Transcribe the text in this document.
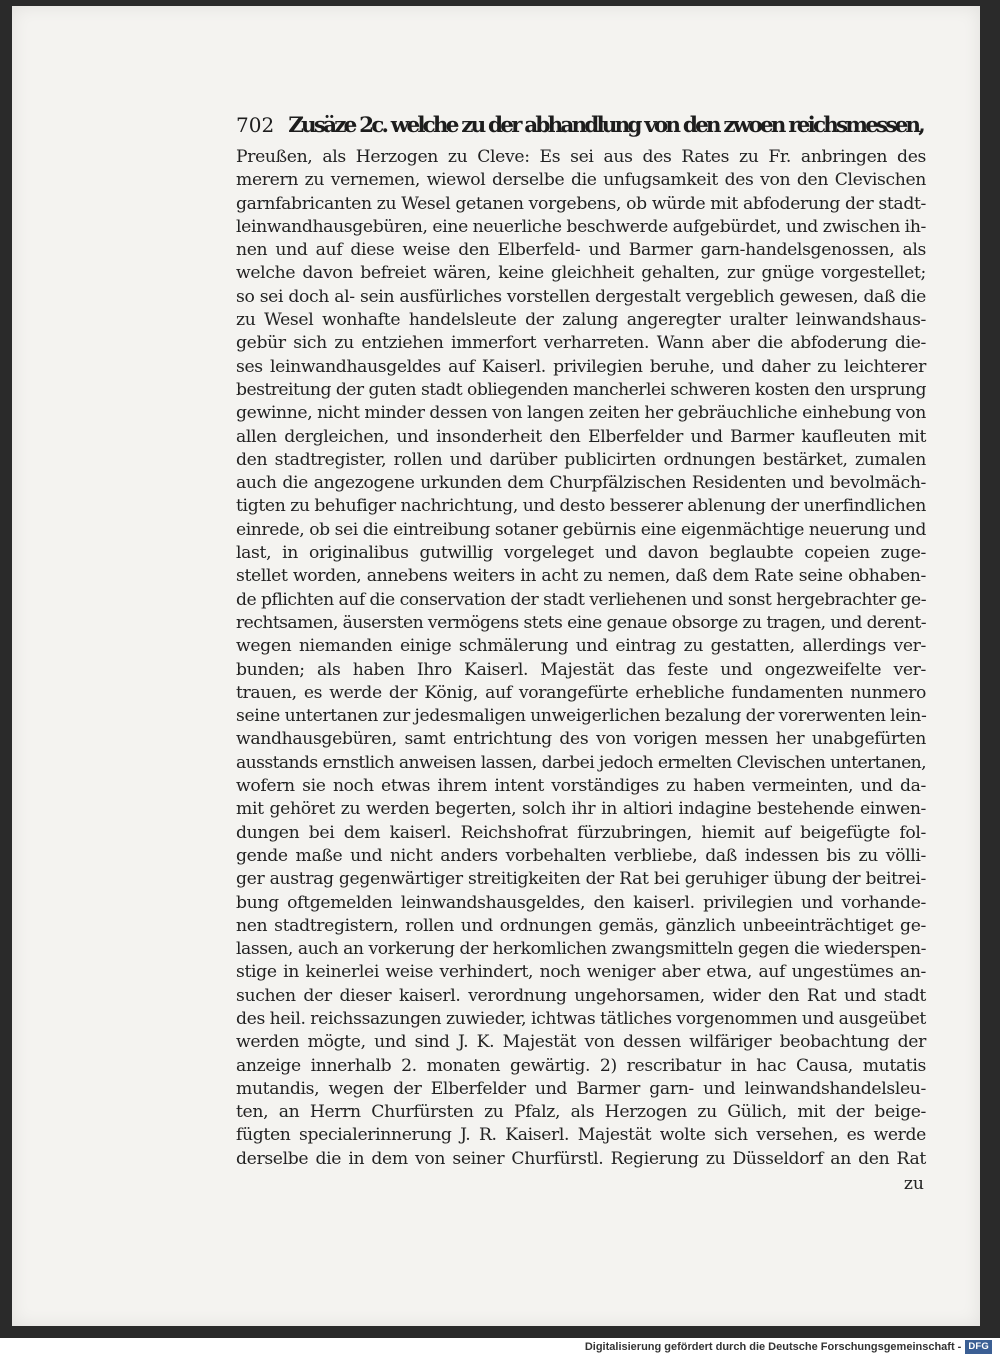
702 Zusäze 2c. welche zu der abhandlung von den zwoen reichsmessen,
Preußen, als Herzogen zu Cleve: Es sei aus des Rates zu Fr. anbringen des
merern zu vernemen, wiewol derselbe die unfugsamkeit des von den Clevischen
garnfabricanten zu Wesel getanen vorgebens, ob würde mit abfoderung der stadt-
leinwandhausgebüren, eine neuerliche beschwerde aufgebürdet, und zwischen ih-
nen und auf diese weise den Elberfeld- und Barmer garn-handelsgenossen, als
welche davon befreiet wären, keine gleichheit gehalten, zur gnüge vorgestellet;
so sei doch al- sein ausfürliches vorstellen dergestalt vergeblich gewesen, daß die
zu Wesel wonhafte handelsleute der zalung angeregter uralter leinwandshaus-
gebür sich zu entziehen immerfort verharreten. Wann aber die abfoderung die-
ses leinwandhausgeldes auf Kaiserl. privilegien beruhe, und daher zu leichterer
bestreitung der guten stadt obliegenden mancherlei schweren kosten den ursprung
gewinne, nicht minder dessen von langen zeiten her gebräuchliche einhebung von
allen dergleichen, und insonderheit den Elberfelder und Barmer kaufleuten mit
den stadtregister, rollen und darüber publicirten ordnungen bestärket, zumalen
auch die angezogene urkunden dem Churpfälzischen Residenten und bevolmäch-
tigten zu behufiger nachrichtung, und desto besserer ablenung der unerfindlichen
einrede, ob sei die eintreibung sotaner gebürnis eine eigenmächtige neuerung und
last, in originalibus gutwillig vorgeleget und davon beglaubte copeien zuge-
stellet worden, annebens weiters in acht zu nemen, daß dem Rate seine obhaben-
de pflichten auf die conservation der stadt verliehenen und sonst hergebrachter ge-
rechtsamen, äusersten vermögens stets eine genaue obsorge zu tragen, und derent-
wegen niemanden einige schmälerung und eintrag zu gestatten, allerdings ver-
bunden; als haben Ihro Kaiserl. Majestät das feste und ongezweifelte ver-
trauen, es werde der König, auf vorangefürte erhebliche fundamenten nunmero
seine untertanen zur jedesmaligen unweigerlichen bezalung der vorerwenten lein-
wandhausgebüren, samt entrichtung des von vorigen messen her unabgefürten
ausstands ernstlich anweisen lassen, darbei jedoch ermelten Clevischen untertanen,
wofern sie noch etwas ihrem intent vorständiges zu haben vermeinten, und da-
mit gehöret zu werden begerten, solch ihr in altiori indagine bestehende einwen-
dungen bei dem kaiserl. Reichshofrat fürzubringen, hiemit auf beigefügte fol-
gende maße und nicht anders vorbehalten verbliebe, daß indessen bis zu völli-
ger austrag gegenwärtiger streitigkeiten der Rat bei geruhiger übung der beitrei-
bung oftgemelden leinwandshausgeldes, den kaiserl. privilegien und vorhande-
nen stadtregistern, rollen und ordnungen gemäs, gänzlich unbeeinträchtiget ge-
lassen, auch an vorkerung der herkomlichen zwangsmitteln gegen die wiederspen-
stige in keinerlei weise verhindert, noch weniger aber etwa, auf ungestümes an-
suchen der dieser kaiserl. verordnung ungehorsamen, wider den Rat und stadt
des heil. reichssazungen zuwieder, ichtwas tätliches vorgenommen und ausgeübet
werden mögte, und sind J. K. Majestät von dessen wilfäriger beobachtung der
anzeige innerhalb 2. monaten gewärtig. 2) rescribatur in hac Causa, mutatis
mutandis, wegen der Elberfelder und Barmer garn- und leinwandshandelsleu-
ten, an Herrn Churfürsten zu Pfalz, als Herzogen zu Gülich, mit der beige-
fügten specialerinnerung J. R. Kaiserl. Majestät wolte sich versehen, es werde
derselbe die in dem von seiner Churfürstl. Regierung zu Düsseldorf an den Rat
zu
Digitalisierung gefördert durch die Deutsche Forschungsgemeinschaft - DFG
